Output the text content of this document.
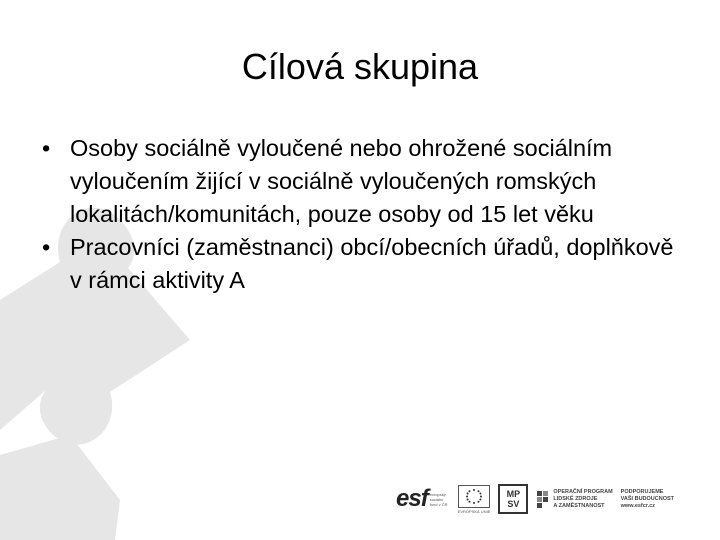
Cílová skupina
• Osoby sociálně vyloučené nebo ohrožené sociálním vyloučením žijící v sociálně vyloučených romských lokalitách/komunitách, pouze osoby od 15 let věku
• Pracovníci (zaměstnanci) obcí/obecních úřadů, doplňkově v rámci aktivity A
esf evropský
sociální
fond v ČR
EVROPSKÁ UNIE
MP
SV
OPERAČNÍ PROGRAM
LIDSKÉ ZDROJE
A ZAMĚSTNANOST
PODPORUJEME
VAŠI BUDOUCNOST
www.esfcr.cz
